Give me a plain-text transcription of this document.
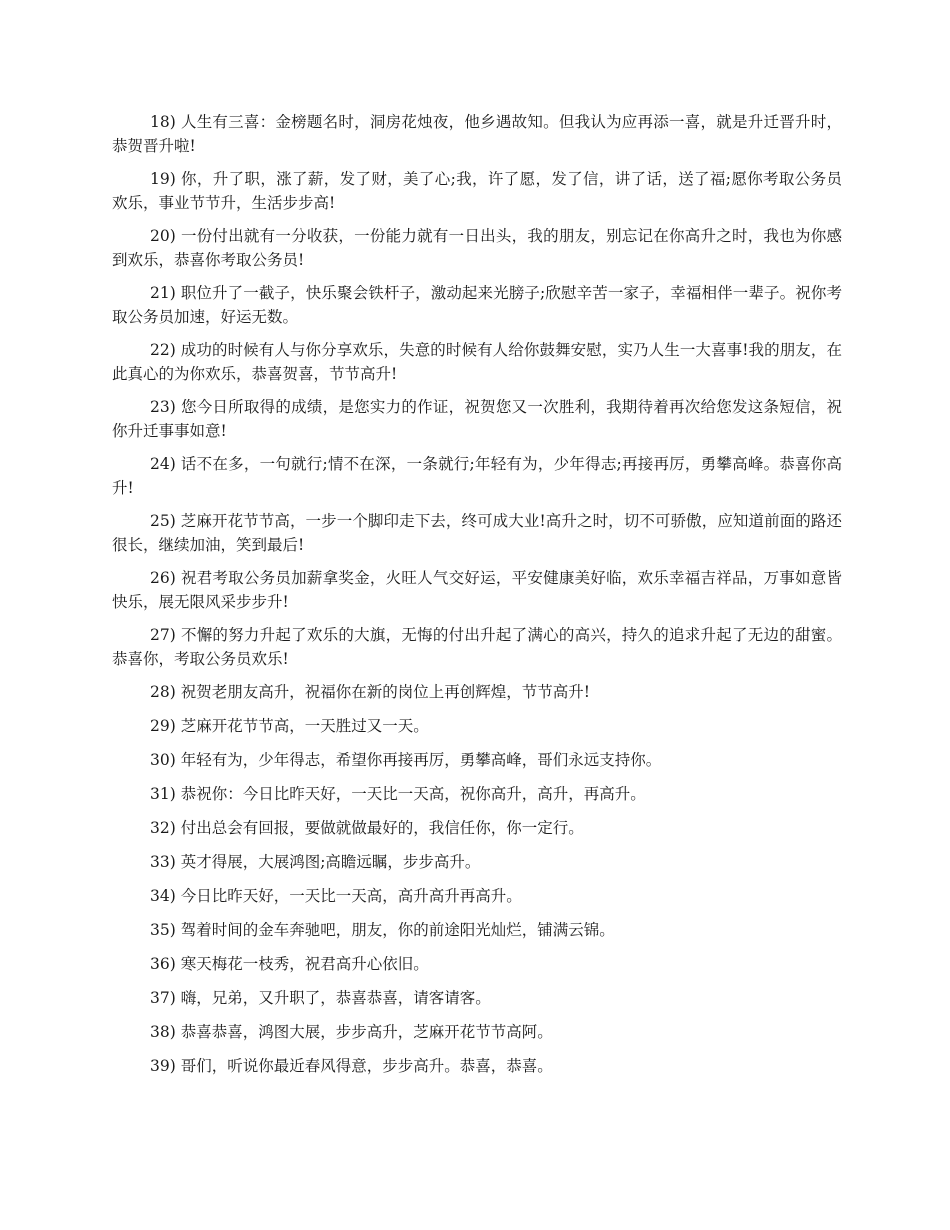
18) 人生有三喜：金榜题名时，洞房花烛夜，他乡遇故知。但我认为应再添一喜，就是升迁晋升时，恭贺晋升啦!

19) 你，升了职，涨了薪，发了财，美了心;我，许了愿，发了信，讲了话，送了福;愿你考取公务员欢乐，事业节节升，生活步步高!

20) 一份付出就有一分收获，一份能力就有一日出头，我的朋友，别忘记在你高升之时，我也为你感到欢乐，恭喜你考取公务员!

21) 职位升了一截子，快乐聚会铁杆子，激动起来光膀子;欣慰辛苦一家子，幸福相伴一辈子。祝你考取公务员加速，好运无数。

22) 成功的时候有人与你分享欢乐，失意的时候有人给你鼓舞安慰，实乃人生一大喜事!我的朋友，在此真心的为你欢乐，恭喜贺喜，节节高升!

23) 您今日所取得的成绩，是您实力的作证，祝贺您又一次胜利，我期待着再次给您发这条短信，祝你升迁事事如意!

24) 话不在多，一句就行;情不在深，一条就行;年轻有为，少年得志;再接再厉，勇攀高峰。恭喜你高升!

25) 芝麻开花节节高，一步一个脚印走下去，终可成大业!高升之时，切不可骄傲，应知道前面的路还很长，继续加油，笑到最后!

26) 祝君考取公务员加薪拿奖金，火旺人气交好运，平安健康美好临，欢乐幸福吉祥品，万事如意皆快乐，展无限风采步步升!

27) 不懈的努力升起了欢乐的大旗，无悔的付出升起了满心的高兴，持久的追求升起了无边的甜蜜。恭喜你，考取公务员欢乐!

28) 祝贺老朋友高升，祝福你在新的岗位上再创辉煌，节节高升!

29) 芝麻开花节节高，一天胜过又一天。

30) 年轻有为，少年得志，希望你再接再厉，勇攀高峰，哥们永远支持你。

31) 恭祝你：今日比昨天好，一天比一天高，祝你高升，高升，再高升。

32) 付出总会有回报，要做就做最好的，我信任你，你一定行。

33) 英才得展，大展鸿图;高瞻远瞩，步步高升。

34) 今日比昨天好，一天比一天高，高升高升再高升。

35) 驾着时间的金车奔驰吧，朋友，你的前途阳光灿烂，铺满云锦。

36) 寒天梅花一枝秀，祝君高升心依旧。

37) 嗨，兄弟，又升职了，恭喜恭喜，请客请客。

38) 恭喜恭喜，鸿图大展，步步高升，芝麻开花节节高阿。

39) 哥们，听说你最近春风得意，步步高升。恭喜，恭喜。
